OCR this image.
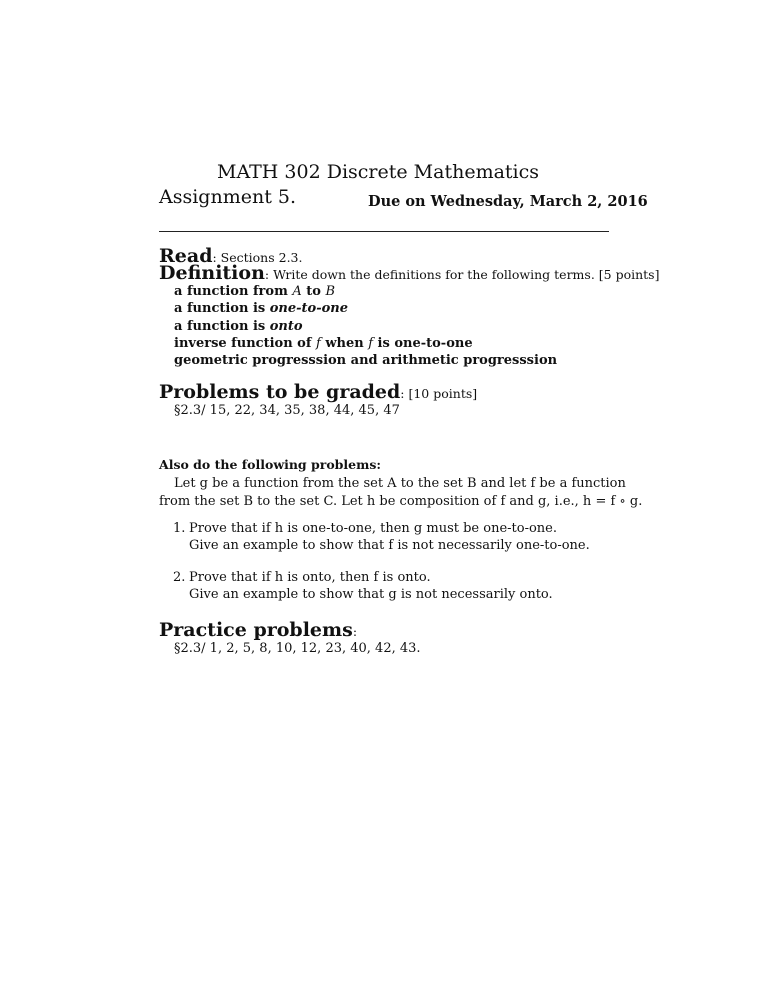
MATH 302 Discrete Mathematics
Assignment 5.	Due on Wednesday, March 2, 2016
Read: Sections 2.3.
Definition: Write down the definitions for the following terms. [5 points]
a function from A to B
a function is one-to-one
a function is onto
inverse function of f when f is one-to-one
geometric progresssion and arithmetic progresssion
Problems to be graded: [10 points]
§2.3/ 15, 22, 34, 35, 38, 44, 45, 47
Also do the following problems:
Let g be a function from the set A to the set B and let f be a function
from the set B to the set C. Let h be composition of f and g, i.e., h = f ∘ g.
1. Prove that if h is one-to-one, then g must be one-to-one.
Give an example to show that f is not necessarily one-to-one.
2. Prove that if h is onto, then f is onto.
Give an example to show that g is not necessarily onto.
Practice problems:
§2.3/ 1, 2, 5, 8, 10, 12, 23, 40, 42, 43.
